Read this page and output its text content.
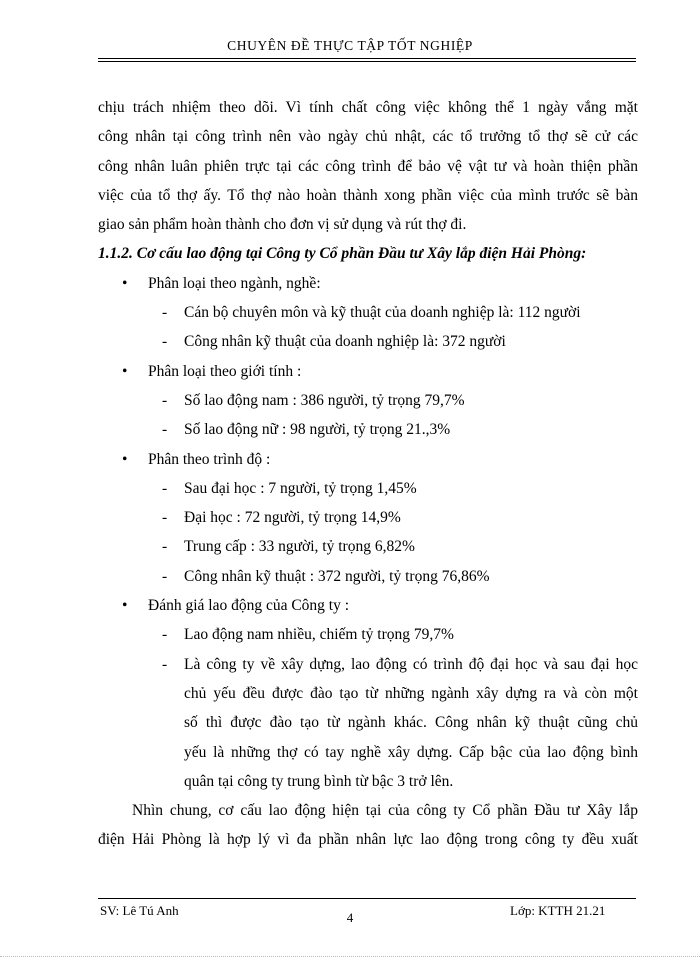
CHUYÊN ĐỀ THỰC TẬP TỐT NGHIỆP
chịu trách nhiệm theo dõi. Vì tính chất công việc không thể 1 ngày vắng mặt
công nhân tại công trình nên vào ngày chủ nhật, các tổ trưởng tổ thợ sẽ cử các
công nhân luân phiên trực tại các công trình để bảo vệ vật tư và hoàn thiện phần
việc của tổ thợ ấy. Tổ thợ nào hoàn thành xong phần việc của mình trước sẽ bàn
giao sản phẩm hoàn thành cho đơn vị sử dụng và rút thợ đi.
1.1.2. Cơ cấu lao động tại Công ty Cổ phần Đầu tư Xây lắp điện Hải Phòng:
• Phân loại theo ngành, nghề:
- Cán bộ chuyên môn và kỹ thuật của doanh nghiệp là: 112 người
- Công nhân kỹ thuật của doanh nghiệp là: 372 người
• Phân loại theo giới tính :
- Số lao động nam : 386 người, tỷ trọng 79,7%
- Số lao động nữ : 98 người, tỷ trọng 21.,3%
• Phân theo trình độ :
- Sau đại học : 7 người, tỷ trọng 1,45%
- Đại học : 72 người, tỷ trọng 14,9%
- Trung cấp : 33 người, tỷ trọng 6,82%
- Công nhân kỹ thuật : 372 người, tỷ trọng 76,86%
• Đánh giá lao động của Công ty :
- Lao động nam nhiều, chiếm tỷ trọng 79,7%
- Là công ty về xây dựng, lao động có trình độ đại học và sau đại học
chủ yếu đều được đào tạo từ những ngành xây dựng ra và còn một
số thì được đào tạo từ ngành khác. Công nhân kỹ thuật cũng chủ
yếu là những thợ có tay nghề xây dựng. Cấp bậc của lao động bình
quân tại công ty trung bình từ bậc 3 trở lên.
Nhìn chung, cơ cấu lao động hiện tại của công ty Cổ phần Đầu tư Xây lắp
điện Hải Phòng là hợp lý vì đa phần nhân lực lao động trong công ty đều xuất
SV: Lê Tú Anh	4	Lớp: KTTH 21.21
